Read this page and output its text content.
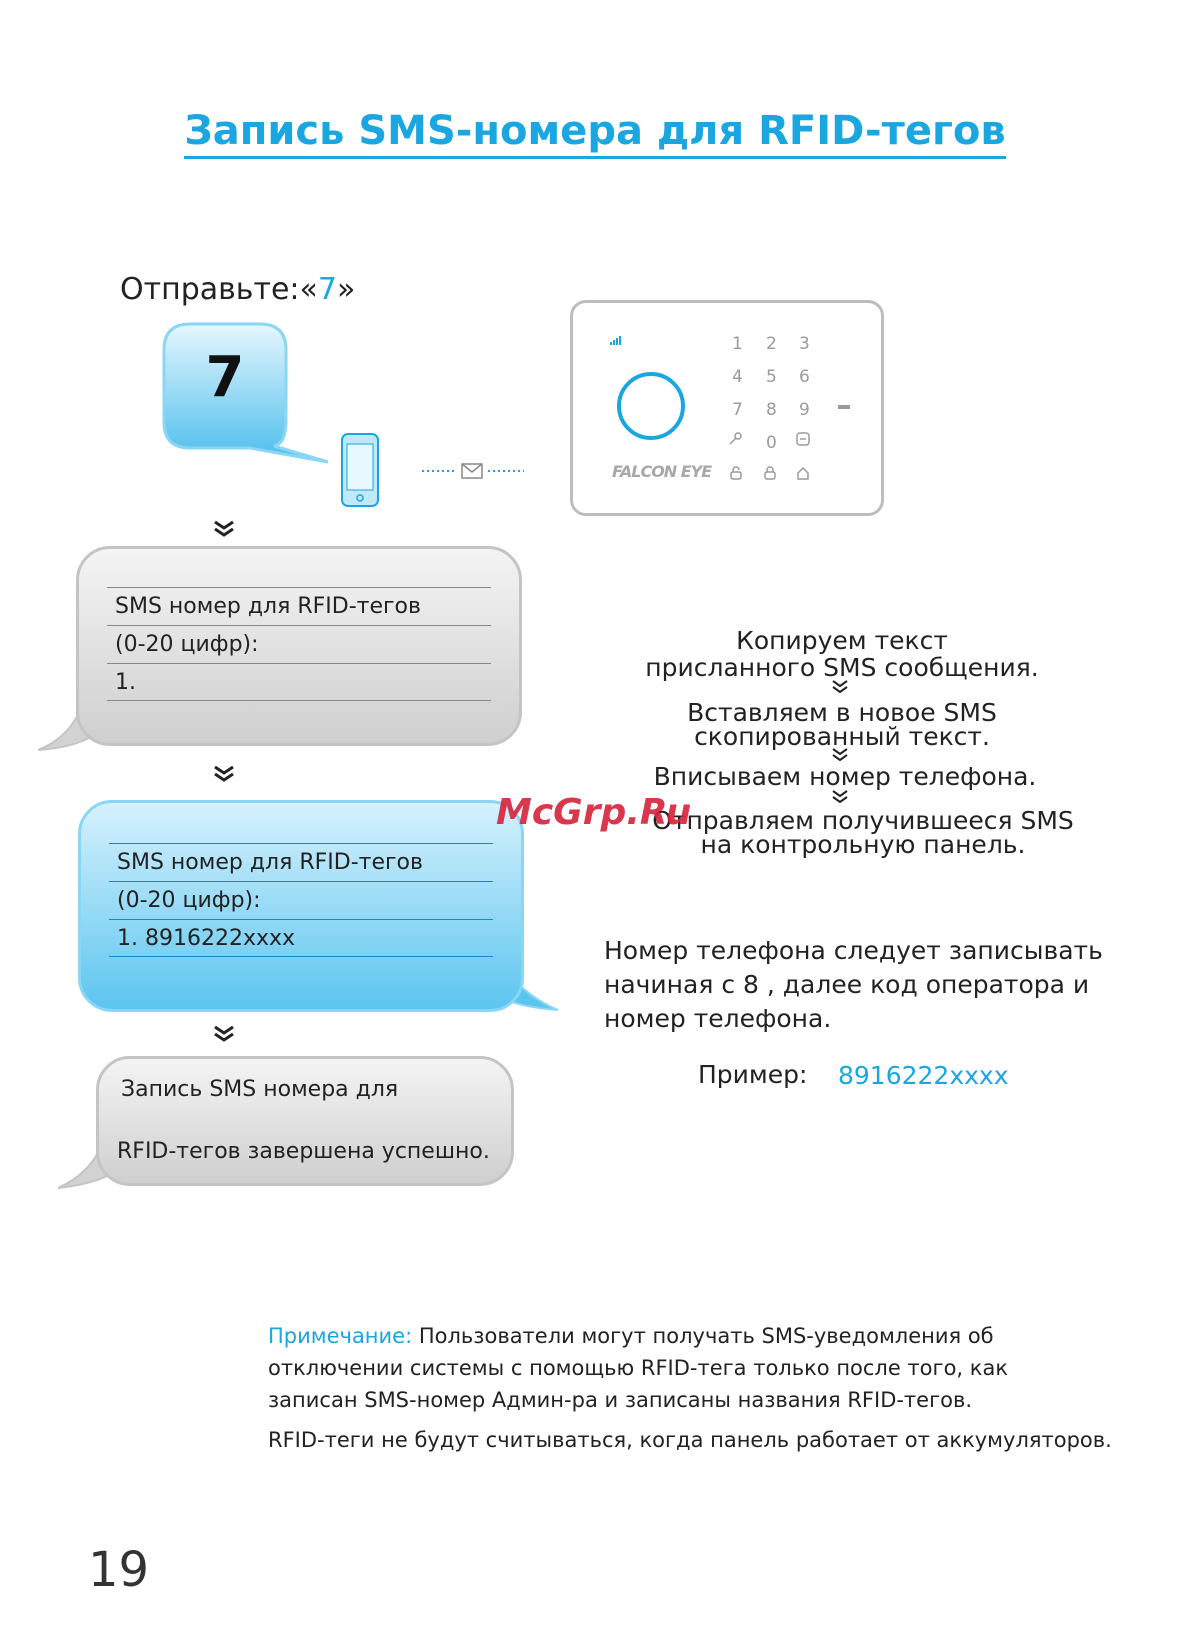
Запись SMS-номера для RFID-тегов
Отправьте:«7»
7
FALCON EYE
1 2 3
4 5 6
7 8 9
0
SMS номер для RFID-тегов
(0-20 цифр):
1.
SMS номер для RFID-тегов
(0-20 цифр):
1. 8916222xxxx
Запись SMS номера для
RFID-тегов завершена успешно.
Копируем текст
присланного SMS сообщения.
Вставляем в новое SMS
скопированный текст.
Вписываем номер телефона.
Отправляем получившееся SMS
на контрольную панель.
McGrp.Ru
Номер телефона следует записывать
начиная с 8 , далее код оператора и
номер телефона.
Пример: 8916222xxxx
Примечание: Пользователи могут получать SMS-уведомления об
отключении системы с помощью RFID-тега только после того, как
записан SMS-номер Админ-ра и записаны названия RFID-тегов.
RFID-теги не будут считываться, когда панель работает от аккумуляторов.
19
